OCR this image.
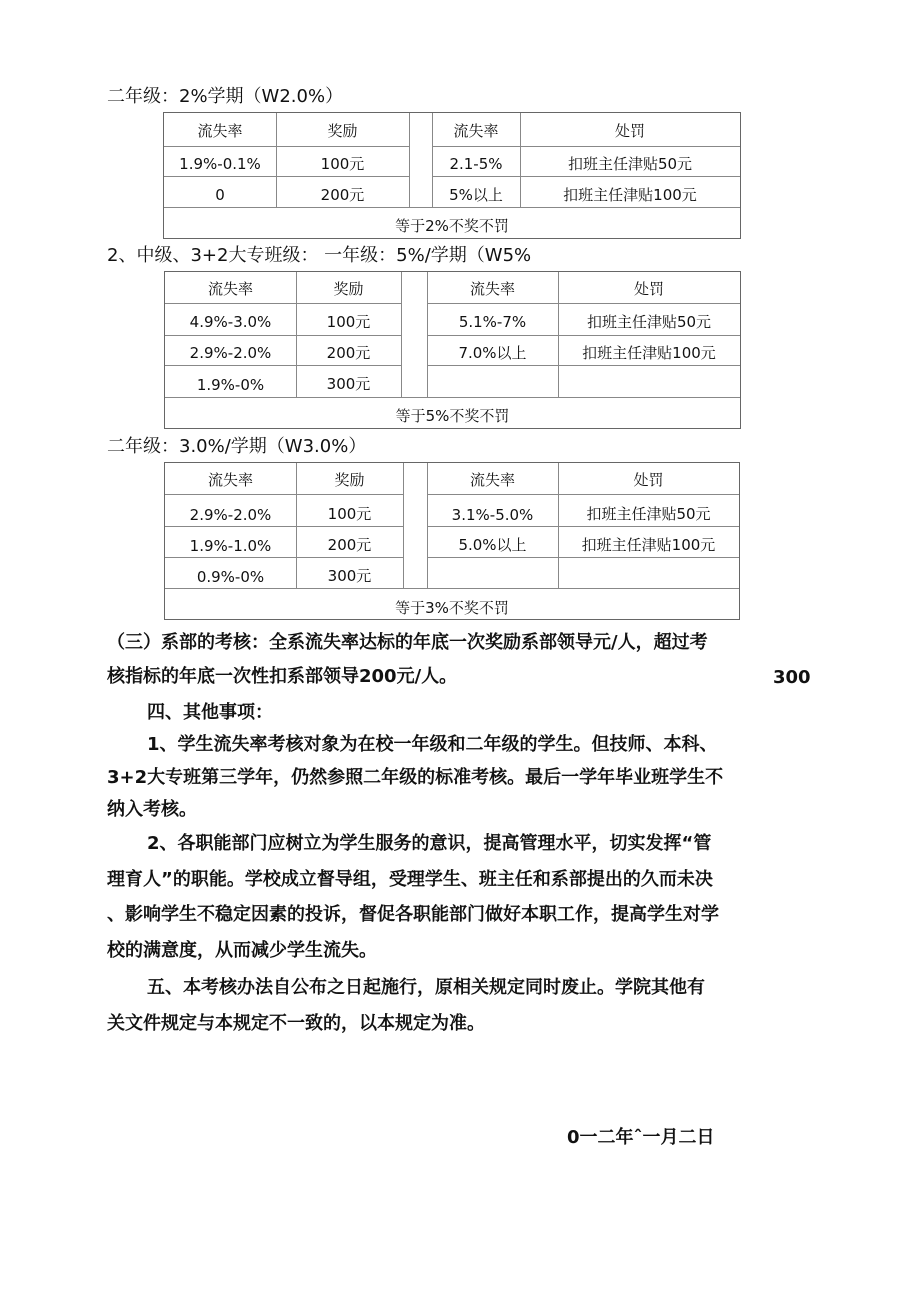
二年级：2%学期（W2.0%）
流失率	奖励	流失率	处罚
1.9%-0.1%	100元	2.1-5%	扣班主任津贴50元
0	200元	5%以上	扣班主任津贴100元
等于2%不奖不罚
2、中级、3+2大专班级： 一年级：5%/学期（W5%
流失率	奖励	流失率	处罚
4.9%-3.0%	100元	5.1%-7%	扣班主任津贴50元
2.9%-2.0%	200元	7.0%以上	扣班主任津贴100元
1.9%-0%	300元
等于5%不奖不罚
二年级：3.0%/学期（W3.0%）
流失率	奖励	流失率	处罚
2.9%-2.0%	100元	3.1%-5.0%	扣班主任津贴50元
1.9%-1.0%	200元	5.0%以上	扣班主任津贴100元
0.9%-0%	300元
等于3%不奖不罚
（三）系部的考核：全系流失率达标的年底一次奖励系部领导元/人，超过考
核指标的年底一次性扣系部领导200元/人。	300
四、其他事项：
1、学生流失率考核对象为在校一年级和二年级的学生。但技师、本科、
3+2大专班第三学年，仍然参照二年级的标准考核。最后一学年毕业班学生不
纳入考核。
2、各职能部门应树立为学生服务的意识，提高管理水平，切实发挥“管
理育人”的职能。学校成立督导组，受理学生、班主任和系部提出的久而未决
、影响学生不稳定因素的投诉，督促各职能部门做好本职工作，提高学生对学
校的满意度，从而减少学生流失。
五、本考核办法自公布之日起施行，原相关规定同时废止。学院其他有
关文件规定与本规定不一致的，以本规定为准。
0一二年ˆ一月二日
